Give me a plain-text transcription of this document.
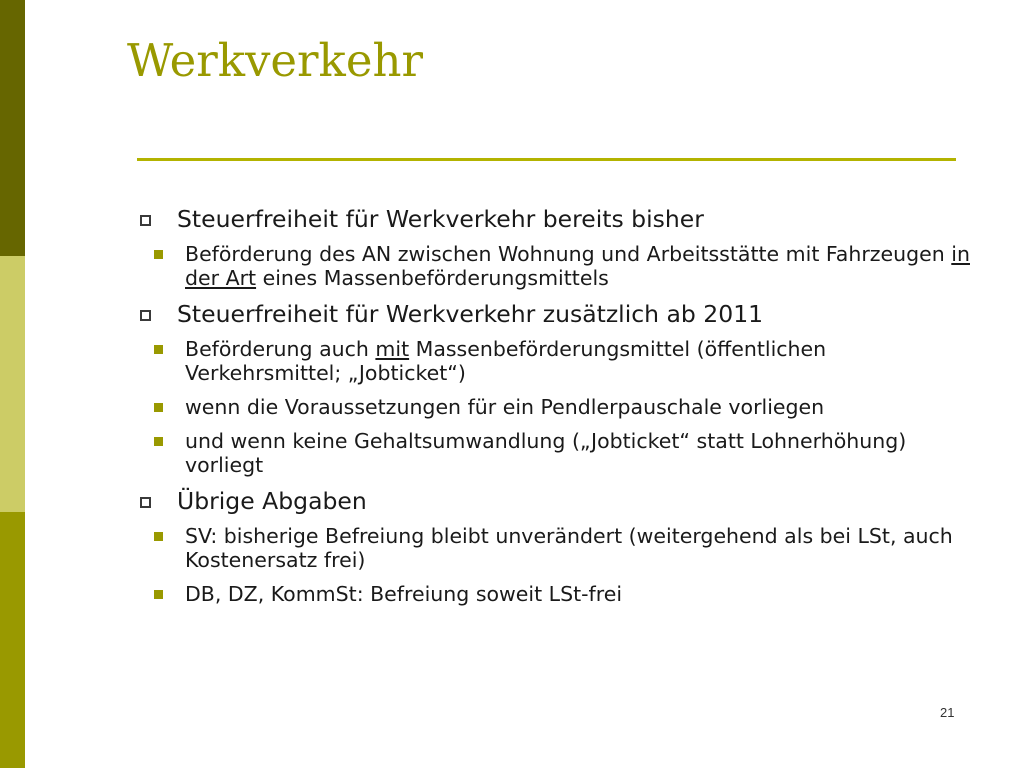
Werkverkehr
Steuerfreiheit für Werkverkehr bereits bisher
Beförderung des AN zwischen Wohnung und Arbeitsstätte mit Fahrzeugen in der Art eines Massenbeförderungsmittels
Steuerfreiheit für Werkverkehr zusätzlich ab 2011
Beförderung auch mit Massenbeförderungsmittel (öffentlichen Verkehrsmittel; „Jobticket“)
wenn die Voraussetzungen für ein Pendlerpauschale vorliegen
und wenn keine Gehaltsumwandlung („Jobticket“ statt Lohnerhöhung) vorliegt
Übrige Abgaben
SV: bisherige Befreiung bleibt unverändert (weitergehend als bei LSt, auch Kostenersatz frei)
DB, DZ, KommSt: Befreiung soweit LSt-frei
21
